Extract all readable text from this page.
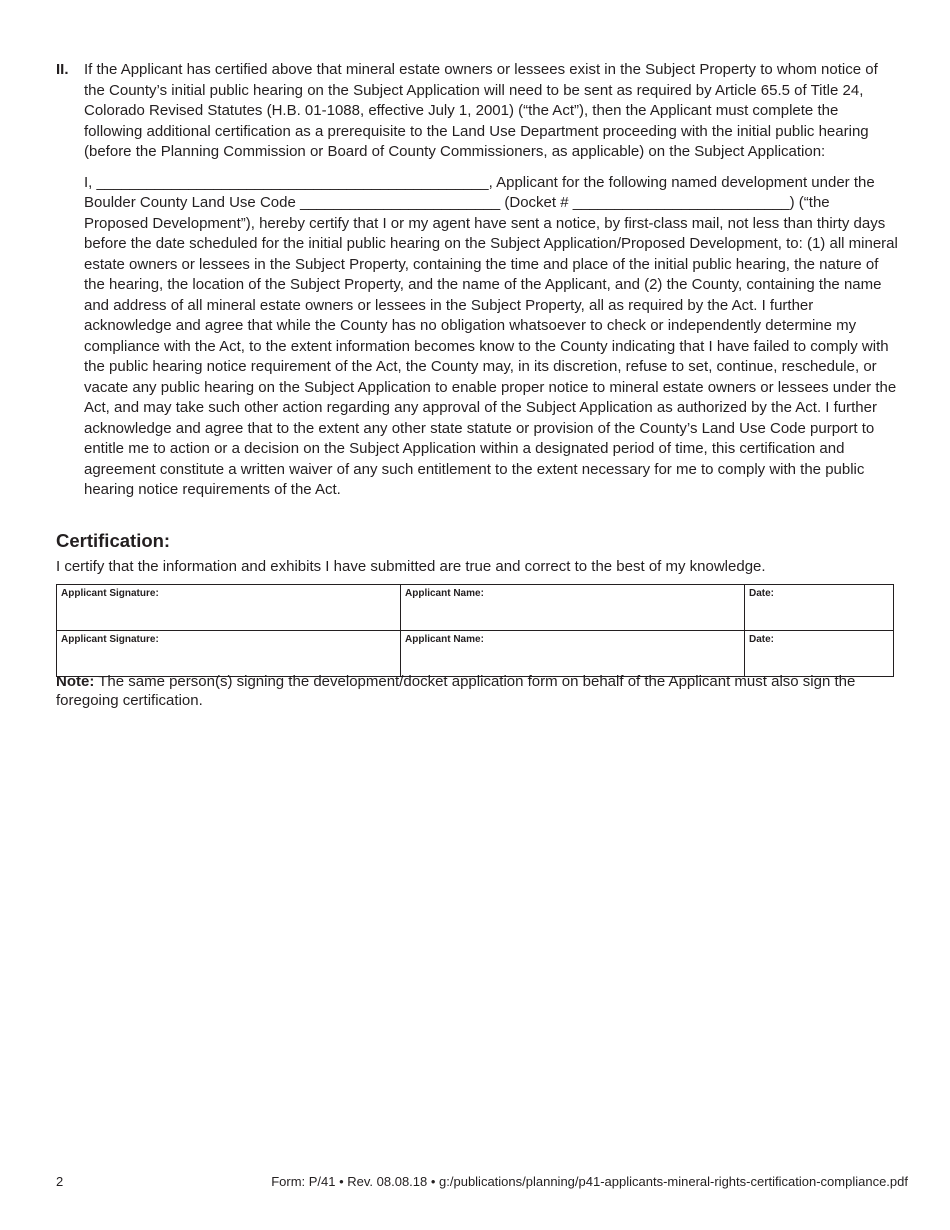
II. If the Applicant has certified above that mineral estate owners or lessees exist in the Subject Property to whom notice of the County’s initial public hearing on the Subject Application will need to be sent as required by Article 65.5 of Title 24, Colorado Revised Statutes (H.B. 01-1088, effective July 1, 2001) (“the Act”), then the Applicant must complete the following additional certification as a prerequisite to the Land Use Department proceeding with the initial public hearing (before the Planning Commission or Board of County Commissioners, as applicable) on the Subject Application:

I, _______________________________________________, Applicant for the following named development under the Boulder County Land Use Code ________________________ (Docket # __________________________) (“the Proposed Development”), hereby certify that I or my agent have sent a notice, by first-class mail, not less than thirty days before the date scheduled for the initial public hearing on the Subject Application/Proposed Development, to: (1) all mineral estate owners or lessees in the Subject Property, containing the time and place of the initial public hearing, the nature of the hearing, the location of the Subject Property, and the name of the Applicant, and (2) the County, containing the name and address of all mineral estate owners or lessees in the Subject Property, all as required by the Act. I further acknowledge and agree that while the County has no obligation whatsoever to check or independently determine my compliance with the Act, to the extent information becomes know to the County indicating that I have failed to comply with the public hearing notice requirement of the Act, the County may, in its discretion, refuse to set, continue, reschedule, or vacate any public hearing on the Subject Application to enable proper notice to mineral estate owners or lessees under the Act, and may take such other action regarding any approval of the Subject Application as authorized by the Act. I further acknowledge and agree that to the extent any other state statute or provision of the County’s Land Use Code purport to entitle me to action or a decision on the Subject Application within a designated period of time, this certification and agreement constitute a written waiver of any such entitlement to the extent necessary for me to comply with the public hearing notice requirements of the Act.

Certification:

I certify that the information and exhibits I have submitted are true and correct to the best of my knowledge.

Applicant Signature:	Applicant Name:	Date:
Applicant Signature:	Applicant Name:	Date:

Note: The same person(s) signing the development/docket application form on behalf of the Applicant must also sign the foregoing certification.

2	Form: P/41 • Rev. 08.08.18 • g:/publications/planning/p41-applicants-mineral-rights-certification-compliance.pdf
